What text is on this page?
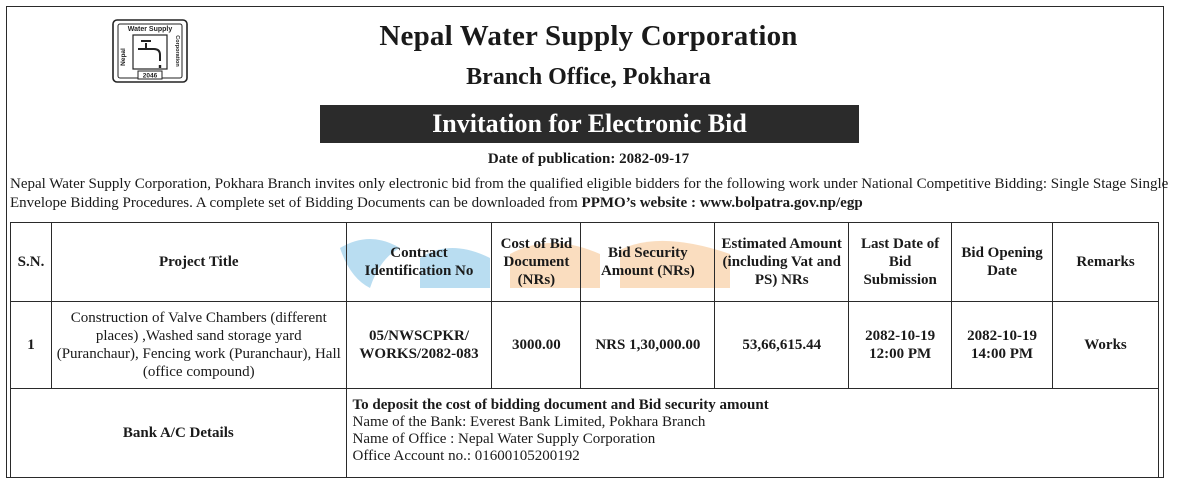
Water Supply
Nepal	Corporation
2046
Nepal Water Supply Corporation
Branch Office, Pokhara
Invitation for Electronic Bid
Date of publication: 2082-09-17
Nepal Water Supply Corporation, Pokhara Branch invites only electronic bid from the qualified eligible bidders for the following work under National Competitive Bidding: Single Stage Single Envelope Bidding Procedures. A complete set of Bidding Documents can be downloaded from PPMO’s website : www.bolpatra.gov.np/egp
S.N.	Project Title	Contract Identification No	Cost of Bid Document (NRs)	Bid Security Amount (NRs)	Estimated Amount (including Vat and PS) NRs	Last Date of Bid Submission	Bid Opening Date	Remarks
1	Construction of Valve Chambers (different places) ,Washed sand storage yard (Puranchaur), Fencing work (Puranchaur), Hall (office compound)	05/NWSCPKR/ WORKS/2082-083	3000.00	NRS 1,30,000.00	53,66,615.44	2082-10-19 12:00 PM	2082-10-19 14:00 PM	Works
Bank A/C Details		To deposit the cost of bidding document and Bid security amount
Name of the Bank: Everest Bank Limited, Pokhara Branch
Name of Office : Nepal Water Supply Corporation
Office Account no.: 01600105200192						
